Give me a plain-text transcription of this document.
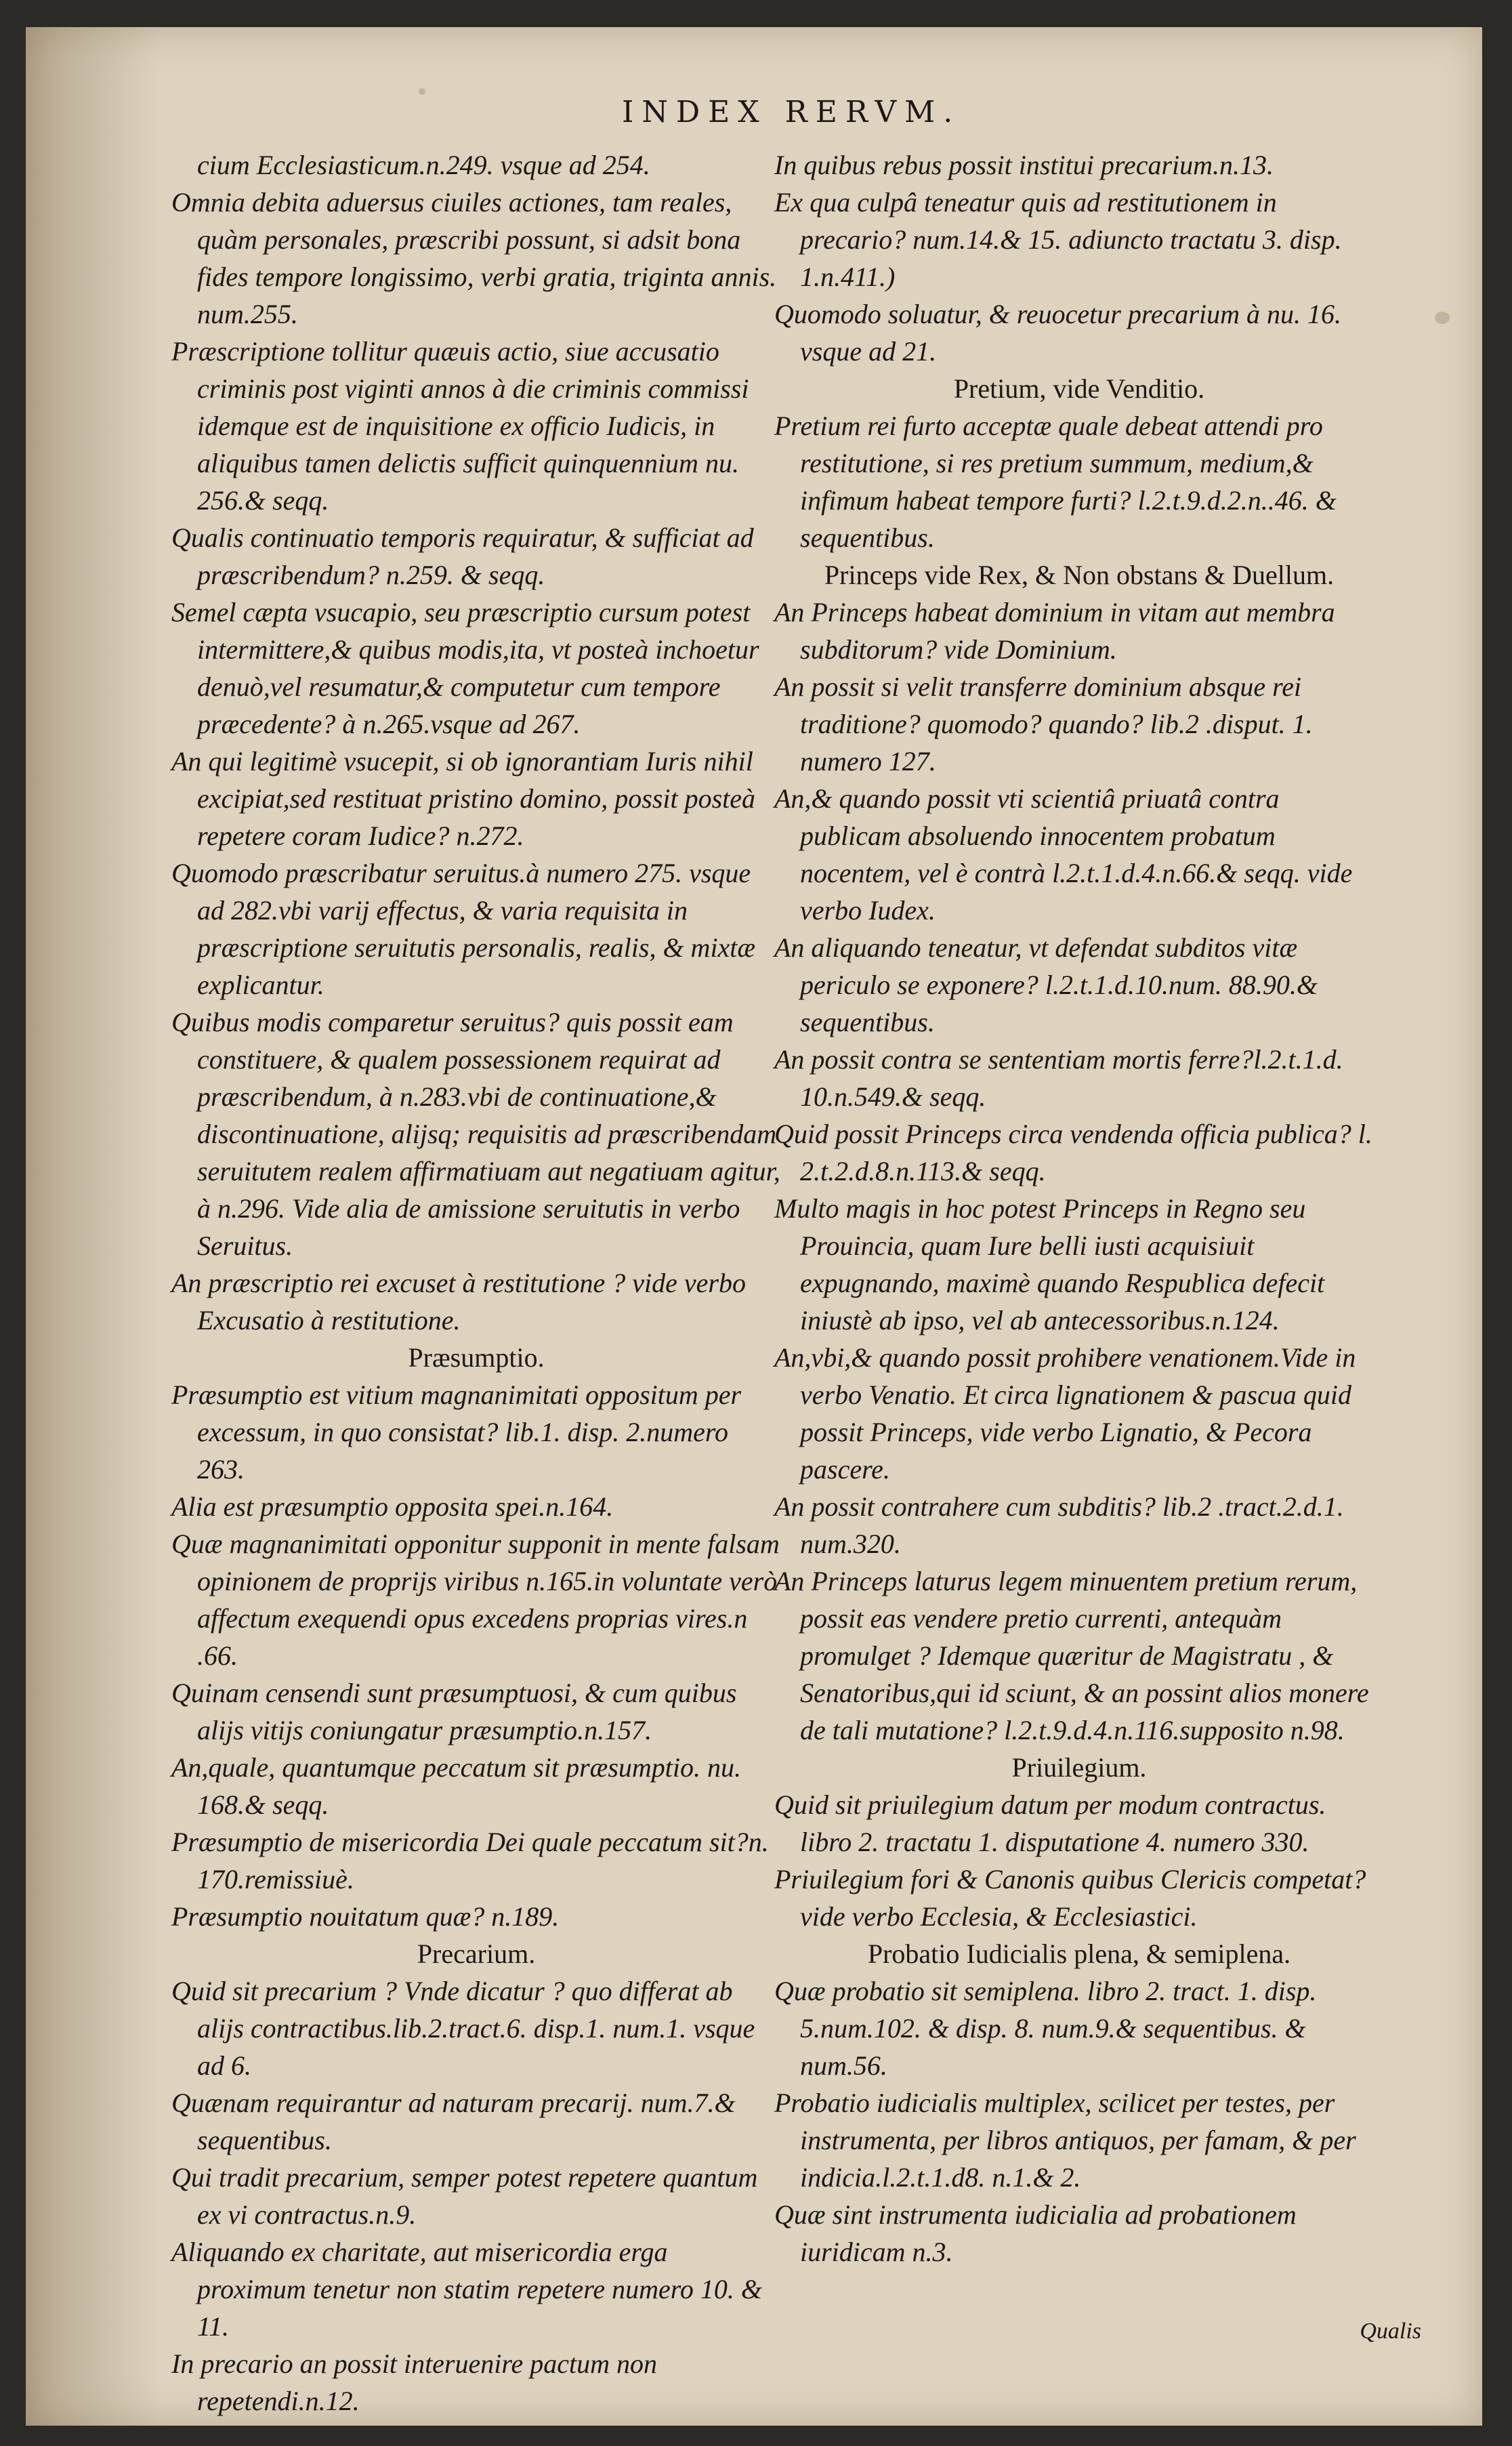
INDEX RERVM.

cium Ecclesiasticum.n.249. vsque ad 254.

Omnia debita aduersus ciuiles actiones, tam reales, quàm personales, præscribi possunt, si adsit bona fides tempore longissimo, verbi gratia, triginta annis. num.255.

Præscriptione tollitur quæuis actio, siue accusatio criminis post viginti annos à die criminis commissi idemque est de inquisitione ex officio Iudicis, in aliquibus tamen delictis sufficit quinquennium nu. 256.& seqq.

Qualis continuatio temporis requiratur, & sufficiat ad præscribendum? n.259. & seqq.

Semel cæpta vsucapio, seu præscriptio cursum potest intermittere,& quibus modis,ita, vt posteà inchoetur denuò,vel resumatur,& computetur cum tempore præcedente? à n.265.vsque ad 267.

An qui legitimè vsucepit, si ob ignorantiam Iuris nihil excipiat,sed restituat pristino domino, possit posteà repetere coram Iudice? n.272.

Quomodo præscribatur seruitus.à numero 275. vsque ad 282.vbi varij effectus, & varia requisita in præscriptione seruitutis personalis, realis, & mixtæ explicantur.

Quibus modis comparetur seruitus? quis possit eam constituere, & qualem possessionem requirat ad præscribendum, à n.283.vbi de continuatione,& discontinuatione, alijsq; requisitis ad præscribendam seruitutem realem affirmatiuam aut negatiuam agitur, à n.296. Vide alia de amissione seruitutis in verbo Seruitus.

An præscriptio rei excuset à restitutione ? vide verbo Excusatio à restitutione.

Præsumptio.

Præsumptio est vitium magnanimitati oppositum per excessum, in quo consistat? lib.1. disp. 2.numero 263.

Alia est præsumptio opposita spei.n.164.

Quæ magnanimitati opponitur supponit in mente falsam opinionem de proprijs viribus n.165.in voluntate verò affectum exequendi opus excedens proprias vires.n .66.

Quinam censendi sunt præsumptuosi, & cum quibus alijs vitijs coniungatur præsumptio.n.157.

An,quale, quantumque peccatum sit præsumptio. nu. 168.& seqq.

Præsumptio de misericordia Dei quale peccatum sit?n. 170.remissiuè.

Præsumptio nouitatum quæ? n.189.

Precarium.

Quid sit precarium ? Vnde dicatur ? quo differat ab alijs contractibus.lib.2.tract.6. disp.1. num.1. vsque ad 6.

Quænam requirantur ad naturam precarij. num.7.& sequentibus.

Qui tradit precarium, semper potest repetere quantum ex vi contractus.n.9.

Aliquando ex charitate, aut misericordia erga proximum tenetur non statim repetere numero 10. & 11.

In precario an possit interuenire pactum non repetendi.n.12.

In quibus rebus possit institui precarium.n.13.

Ex qua culpâ teneatur quis ad restitutionem in precario? num.14.& 15. adiuncto tractatu 3. disp. 1.n.411.)

Quomodo soluatur, & reuocetur precarium à nu. 16. vsque ad 21.

Pretium, vide Venditio.

Pretium rei furto acceptæ quale debeat attendi pro restitutione, si res pretium summum, medium,& infimum habeat tempore furti? l.2.t.9.d.2.n..46. & sequentibus.

Princeps vide Rex, & Non obstans & Duellum.

An Princeps habeat dominium in vitam aut membra subditorum? vide Dominium.

An possit si velit transferre dominium absque rei traditione? quomodo? quando? lib.2 .disput. 1. numero 127.

An,& quando possit vti scientiâ priuatâ contra publicam absoluendo innocentem probatum nocentem, vel è contrà l.2.t.1.d.4.n.66.& seqq. vide verbo Iudex.

An aliquando teneatur, vt defendat subditos vitæ periculo se exponere? l.2.t.1.d.10.num. 88.90.& sequentibus.

An possit contra se sententiam mortis ferre?l.2.t.1.d. 10.n.549.& seqq.

Quid possit Princeps circa vendenda officia publica? l. 2.t.2.d.8.n.113.& seqq.

Multo magis in hoc potest Princeps in Regno seu Prouincia, quam Iure belli iusti acquisiuit expugnando, maximè quando Respublica defecit iniustè ab ipso, vel ab antecessoribus.n.124.

An,vbi,& quando possit prohibere venationem.Vide in verbo Venatio. Et circa lignationem & pascua quid possit Princeps, vide verbo Lignatio, & Pecora pascere.

An possit contrahere cum subditis? lib.2 .tract.2.d.1. num.320.

An Princeps laturus legem minuentem pretium rerum, possit eas vendere pretio currenti, antequàm promulget ? Idemque quæritur de Magistratu , & Senatoribus,qui id sciunt, & an possint alios monere de tali mutatione? l.2.t.9.d.4.n.116.supposito n.98.

Priuilegium.

Quid sit priuilegium datum per modum contractus. libro 2. tractatu 1. disputatione 4. numero 330.

Priuilegium fori & Canonis quibus Clericis competat? vide verbo Ecclesia, & Ecclesiastici.

Probatio Iudicialis plena, & semiplena.

Quæ probatio sit semiplena. libro 2. tract. 1. disp. 5.num.102. & disp. 8. num.9.& sequentibus. & num.56.

Probatio iudicialis multiplex, scilicet per testes, per instrumenta, per libros antiquos, per famam, & per indicia.l.2.t.1.d8. n.1.& 2.

Quæ sint instrumenta iudicialia ad probationem iuridicam n.3.

Qualis
